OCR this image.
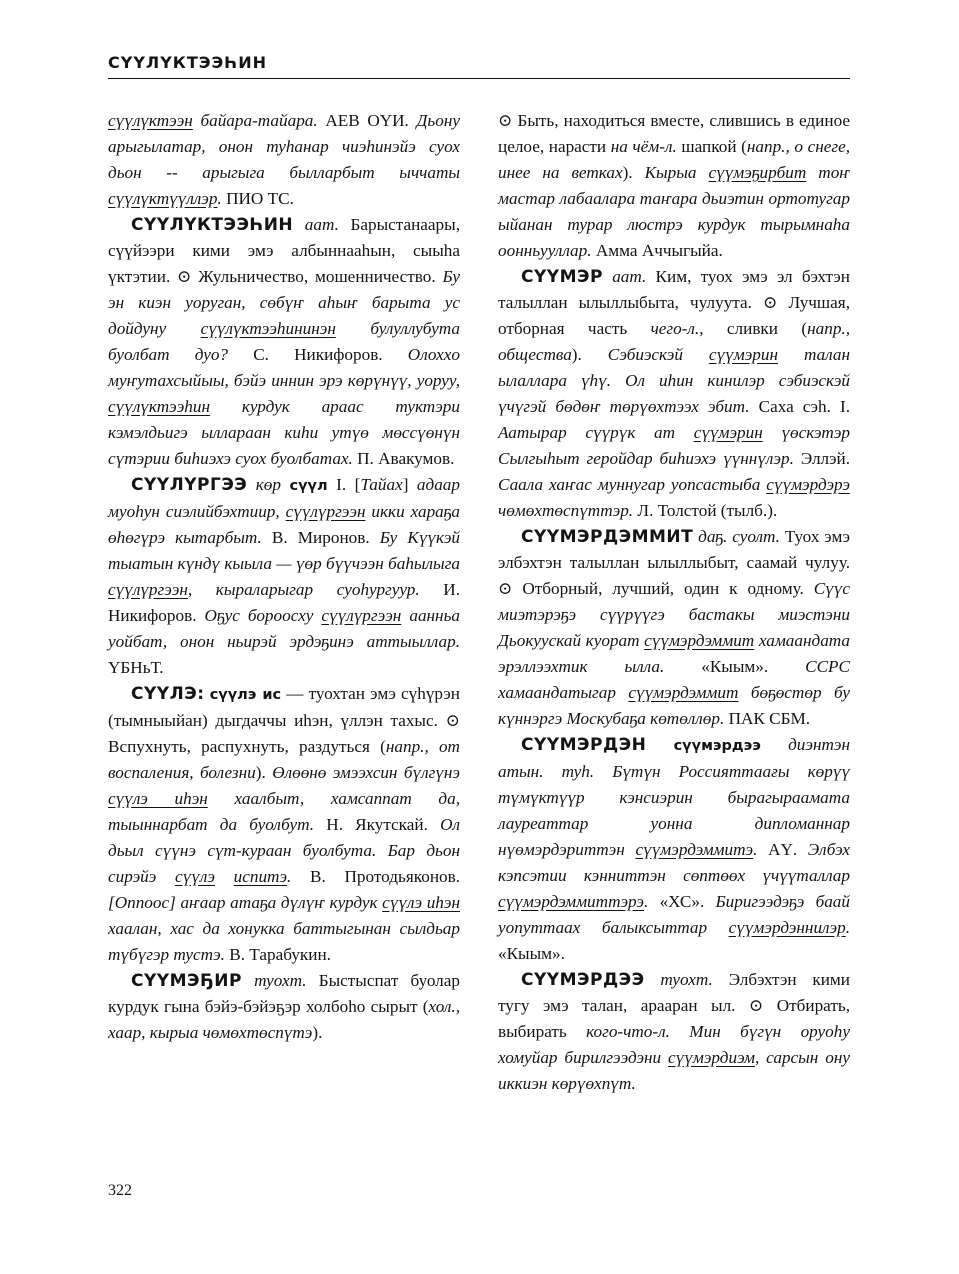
СҮҮЛҮКТЭЭҺИН

сүүлүктээн байара-тайара. АЕВ ОҮИ. Дьону арыгылатар, онон туһанар чиэһинэйэ суох дьон -- арыгыга былларбыт ыччаты сүүлүктүүллэр. ПИО ТС.

СҮҮЛҮКТЭЭҺИН аат. Барыстанаары, сүүйээри кими эмэ албыннааһын, сыыһа үктэтии. ⊙ Жульничество, мошенничество. Бу эн киэн уоруган, сөбүҥ аһыҥ барыта ус дойдуну сүүлүктээһининэн булуллубута буолбат дуо? С. Никифоров. Олохxo муҥутахсыйыы, бэйэ иннин эрэ көрүнүү, уоруу, сүүлүктээһин курдук араас туктэри кэмэлдьигэ ыллараан киһи утүө мөссүөнүн сүтэрии биһиэхэ суох буолбатах. П. Авакумов.

СҮҮЛҮРГЭЭ көр сүүл I. [Тайах] адаар муоһун сиэлийбэхтиир, сүүлүргээн икки хараҕа өһөгүрэ кытарбыт. В. Миронов. Бу Күүкэй тыатын күндү кыыла — үөр бүүчээн баһылыга сүүлүргээн, кыраларыгар суоһургуур. И. Никифоров. Оҕус бороосху сүүлүргээн аанньа уойбат, онон ньирэй эрдэҕинэ аттыыллар. ҮБНьТ.

СҮҮЛЭ: сүүлэ ис — туохтан эмэ сүһүрэн (тымныыйан) дыгдаччы иһэн, үллэн тахыс. ⊙ Вспухнуть, распухнуть, раздуться (напр., от воспаления, болезни). Өлөөнө эмээхсин бүлгүнэ сүүлэ иһэн хаалбыт, хамсаппат да, тыыннарбат да буолбут. Н. Якутскай. Ол дьыл сүүнэ сүт-кураан буолбута. Бар дьон сирэйэ сүүлэ испитэ. В. Протодьяконов. [Оппоос] аҥаар атаҕа дүлүҥ курдук сүүлэ иһэн хаалан, хас да хонукка баттыгынан сылдьар түбүгэр тустэ. В. Тарабукин.

СҮҮМЭҔИР туохт. Быстыспат буолар курдук гына бэйэ-бэйэҕэр холбоһо сырыт (хол., хаар, кырыа чөмөхтөспүтэ).

⊙ Быть, находиться вместе, слившись в единое целое, нарасти на чём-л. шапкой (напр., о снеге, инее на ветках). Кырыа сүүмэҕирбит тоҥ мастар лабаалара таҥара дьиэтин ортотугар ыйанан турар люстрэ курдук тырымнаһа оонньууллар. Амма Аччыгыйа.

СҮҮМЭР аат. Ким, туох эмэ эл бэхтэн талыллан ылыллыбыта, чулуута. ⊙ Лучшая, отборная часть чего-л., сливки (напр., общества). Сэбиэскэй сүүмэрин талан ылаллара үһү. Ол иһин кинилэр сэбиэскэй үчүгэй бөдөҥ төрүөхтээх эбит. Саха сэһ. I. Аатырар сүүрүк ат сүүмэрин үөскэтэр Сылгыһыт геройдар биһиэхэ үүннүлэр. Эллэй. Саала хаҥас муннугар уопсастыба сүүмэрдэрэ чөмөхтөспүттэр. Л. Толстой (тылб.).

СҮҮМЭРДЭММИТ даҕ. суолт. Туох эмэ элбэхтэн талыллан ылыллыбыт, саамай чулуу. ⊙ Отборный, лучший, один к одному. Сүүс миэтэрэҕэ сүүрүүгэ бастакы миэстэни Дьокуускай куорат сүүмэрдэммит хамаандата эрэллээхтик ылла. «Кыым». ССРС хамаандатыгар сүүмэрдэммит бөҕөстөр бу күннэргэ Москубаҕа көтөллөр. ПАК СБМ.

СҮҮМЭРДЭН сүүмэрдээ диэнтэн атын. туһ. Бүтүн Россияттаағы көрүү түмүктүүр кэнсиэрин бырагыраамата лауреаттар уонна дипломаннар нүөмэрдэриттэн сүүмэрдэммитэ. АҮ. Элбэх кэпсэтии кэнниттэн сөптөөх үчүүталлар сүүмэрдэммиттэрэ. «ХС». Биригээдэҕэ баай уопуттаах балыксыттар сүүмэрдэннилэр. «Кыым».

СҮҮМЭРДЭЭ туохт. Элбэхтэн кими тугу эмэ талан, арааран ыл. ⊙ Отбирать, выбирать кого-что-л. Мин бүгүн оруоһу хомуйар бирилгээдэни сүүмэрдиэм, сарсын ону иккиэн көрүөхпүт.

322
